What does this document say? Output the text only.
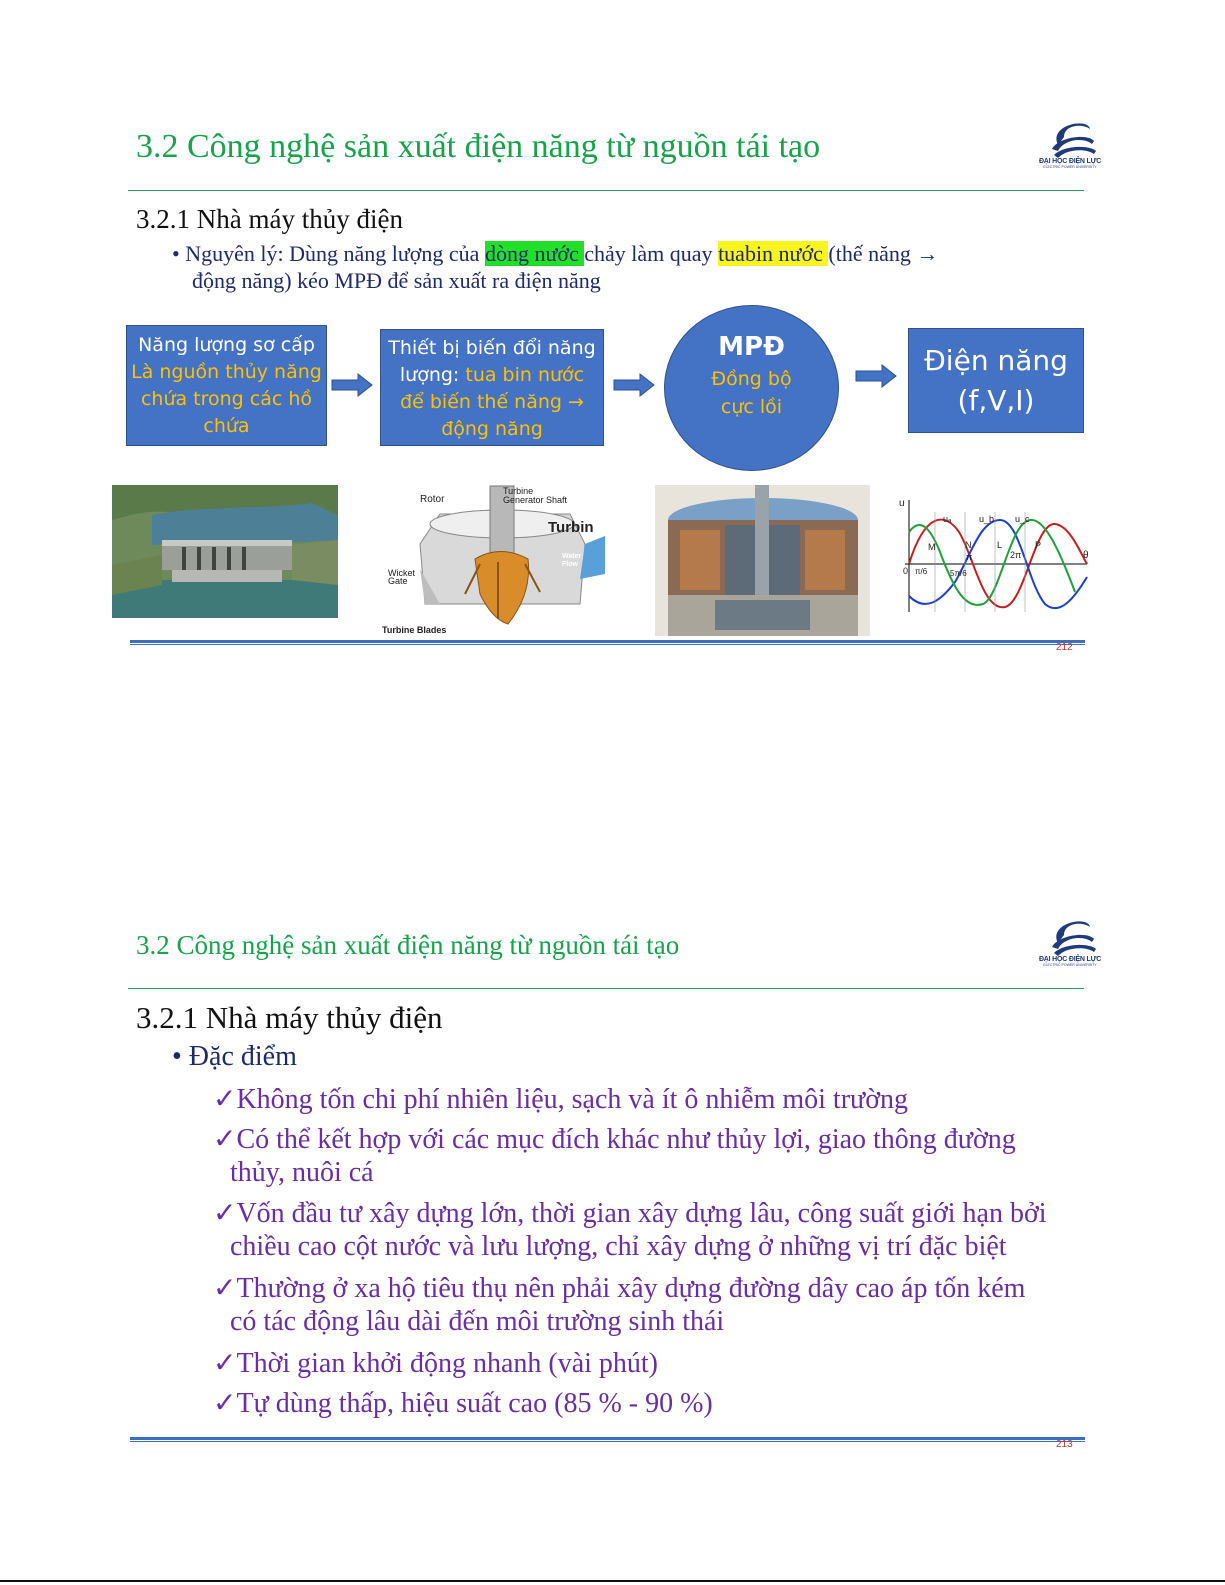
3.2 Công nghệ sản xuất điện năng từ nguồn tái tạo	ĐẠI HỌC ĐIỆN LỰC
ELECTRIC POWER UNIVERSITY
3.2.1 Nhà máy thủy điện
• Nguyên lý: Dùng năng lượng của dòng nước chảy làm quay tuabin nước (thế năng →
động năng) kéo MPĐ để sản xuất ra điện năng
Năng lượng sơ cấp
Là nguồn thủy năng
chứa trong các hồ
chứa
Thiết bị biến đổi năng
lượng: tua bin nước
để biến thế năng →
động năng
MPĐ
Đồng bộ
cực lồi
Điện năng
(f,V,I)
Rotor
Turbine
Generator Shaft
Turbin
Water
Flow
Wicket
Gate
Turbine Blades
u
uₐ	u_b u_c
M	N	L	P
0 π/6
π
5π/6
2π	θ
212
ĐẠI HỌC ĐIỆN LỰC
ELECTRIC POWER UNIVERSITY
3.2 Công nghệ sản xuất điện năng từ nguồn tái tạo
3.2.1 Nhà máy thủy điện
• Đặc điểm
✓Không tốn chi phí nhiên liệu, sạch và ít ô nhiễm môi trường
✓Có thể kết hợp với các mục đích khác như thủy lợi, giao thông đường
thủy, nuôi cá
✓Vốn đầu tư xây dựng lớn, thời gian xây dựng lâu, công suất giới hạn bởi
chiều cao cột nước và lưu lượng, chỉ xây dựng ở những vị trí đặc biệt
✓Thường ở xa hộ tiêu thụ nên phải xây dựng đường dây cao áp tốn kém
có tác động lâu dài đến môi trường sinh thái
✓Thời gian khởi động nhanh (vài phút)
✓Tự dùng thấp, hiệu suất cao (85 % - 90 %)
213
